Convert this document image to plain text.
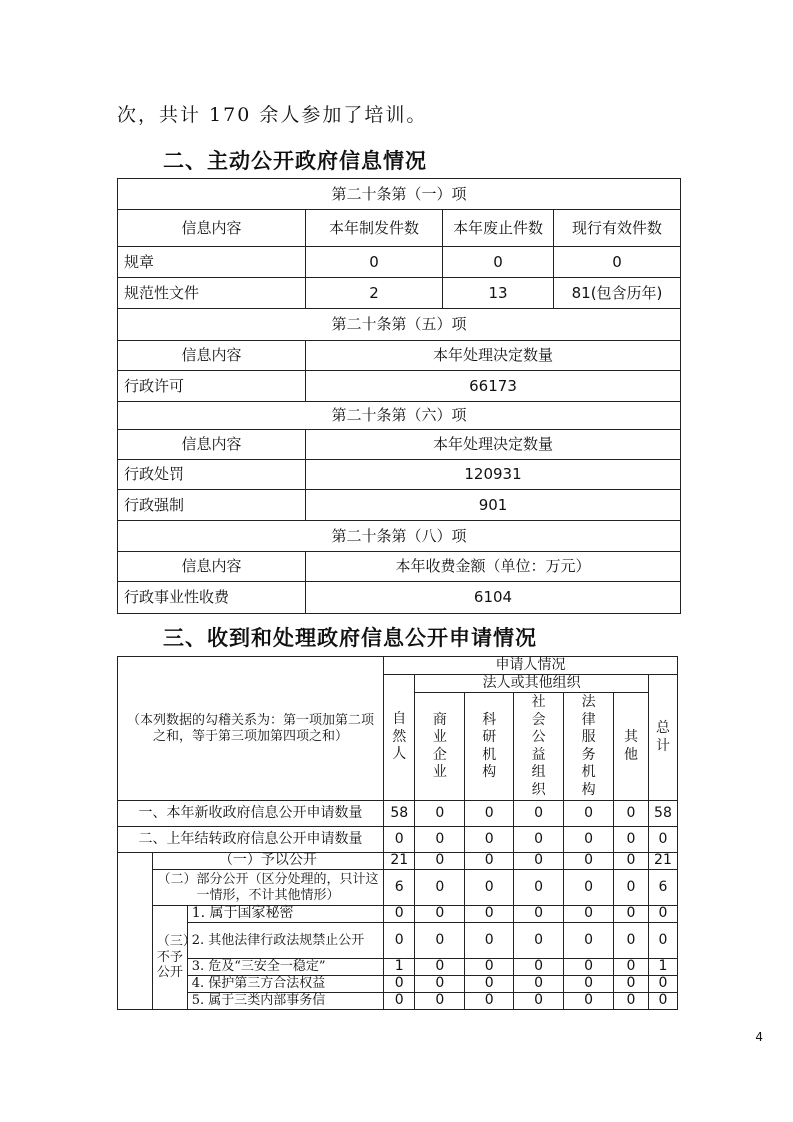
次，共计 170 余人参加了培训。
二、主动公开政府信息情况
第二十条第（一）项			
信息内容	本年制发件数	本年废止件数	现行有效件数
规章	0	0	0
规范性文件	2	13	81(包含历年)
第二十条第（五）项			
信息内容	本年处理决定数量		
行政许可	66173		
第二十条第（六）项			
信息内容	本年处理决定数量		
行政处罚	120931		
行政强制	901		
第二十条第（八）项			
信息内容	本年收费金额（单位：万元）		
行政事业性收费	6104		
三、收到和处理政府信息公开申请情况
（本列数据的勾稽关系为：第一项加第二项之和，等于第三项加第四项之和）			申请人情况						
			自然人	法人或其他组织					总计
				商业企业	科研机构	社会公益组织	法律服务机构	其他	
一、本年新收政府信息公开申请数量			58	0	0	0	0	0	58
二、上年结转政府信息公开申请数量			0	0	0	0	0	0	0
	（一）予以公开		21	0	0	0	0	0	21
	（二）部分公开（区分处理的，只计这一情形，不计其他情形）		6	0	0	0	0	0	6
	（三）不予公开	1. 属于国家秘密	0	0	0	0	0	0	0
		2. 其他法律行政法规禁止公开	0	0	0	0	0	0	0
		3. 危及“三安全一稳定”	1	0	0	0	0	0	1
		4. 保护第三方合法权益	0	0	0	0	0	0	0
		5. 属于三类内部事务信	0	0	0	0	0	0	0
4
